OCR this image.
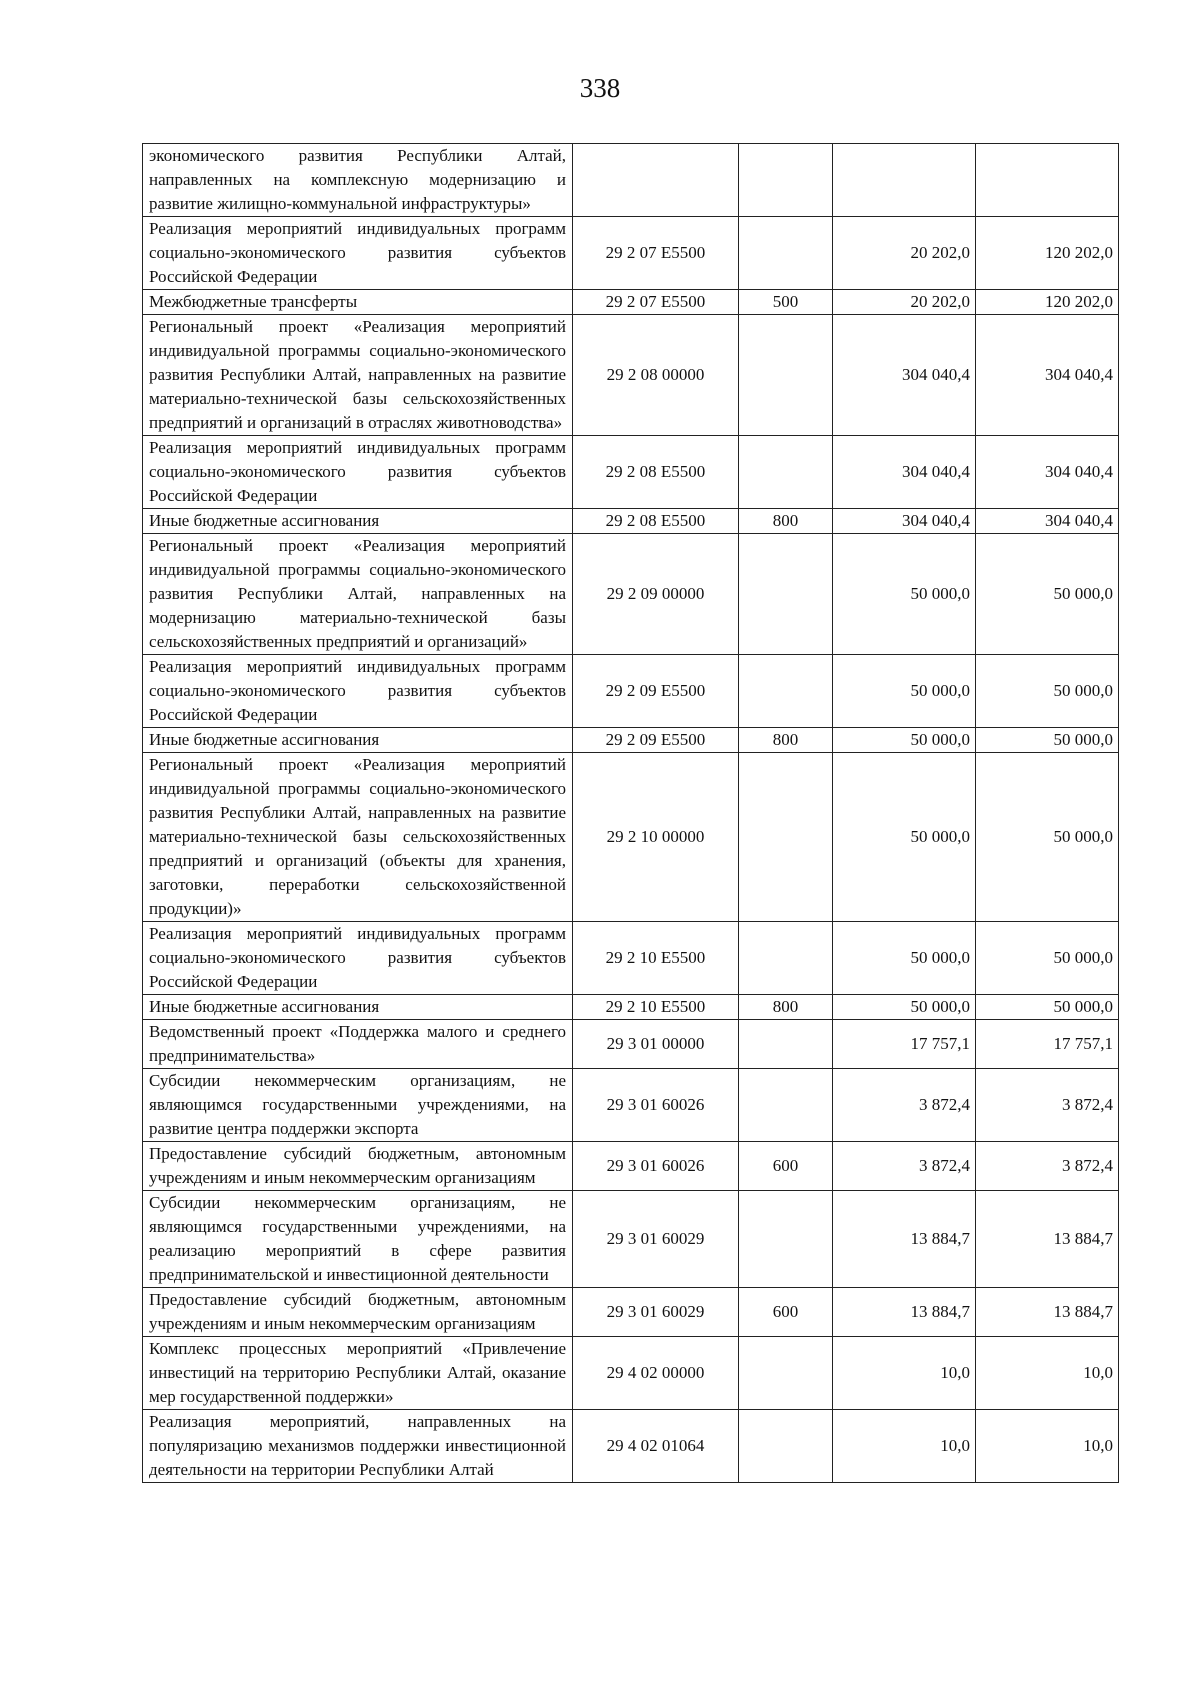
338
экономического развития Республики Алтай, направленных на комплексную модернизацию и развитие жилищно-коммунальной инфраструктуры»				
Реализация мероприятий индивидуальных программ социально-экономического развития субъектов Российской Федерации	29 2 07 E5500		20 202,0	120 202,0
Межбюджетные трансферты	29 2 07 E5500	500	20 202,0	120 202,0
Региональный проект «Реализация мероприятий индивидуальной программы социально-экономического развития Республики Алтай, направленных на развитие материально-технической базы сельскохозяйственных предприятий и организаций в отраслях животноводства»	29 2 08 00000		304 040,4	304 040,4
Реализация мероприятий индивидуальных программ социально-экономического развития субъектов Российской Федерации	29 2 08 E5500		304 040,4	304 040,4
Иные бюджетные ассигнования	29 2 08 E5500	800	304 040,4	304 040,4
Региональный проект «Реализация мероприятий индивидуальной программы социально-экономического развития Республики Алтай, направленных на модернизацию материально-технической базы сельскохозяйственных предприятий и организаций»	29 2 09 00000		50 000,0	50 000,0
Реализация мероприятий индивидуальных программ социально-экономического развития субъектов Российской Федерации	29 2 09 E5500		50 000,0	50 000,0
Иные бюджетные ассигнования	29 2 09 E5500	800	50 000,0	50 000,0
Региональный проект «Реализация мероприятий индивидуальной программы социально-экономического развития Республики Алтай, направленных на развитие материально-технической базы сельскохозяйственных предприятий и организаций (объекты для хранения, заготовки, переработки сельскохозяйственной продукции)»	29 2 10 00000		50 000,0	50 000,0
Реализация мероприятий индивидуальных программ социально-экономического развития субъектов Российской Федерации	29 2 10 E5500		50 000,0	50 000,0
Иные бюджетные ассигнования	29 2 10 E5500	800	50 000,0	50 000,0
Ведомственный проект «Поддержка малого и среднего предпринимательства»	29 3 01 00000		17 757,1	17 757,1
Субсидии некоммерческим организациям, не являющимся государственными учреждениями, на развитие центра поддержки экспорта	29 3 01 60026		3 872,4	3 872,4
Предоставление субсидий бюджетным, автономным учреждениям и иным некоммерческим организациям	29 3 01 60026	600	3 872,4	3 872,4
Субсидии некоммерческим организациям, не являющимся государственными учреждениями, на реализацию мероприятий в сфере развития предпринимательской и инвестиционной деятельности	29 3 01 60029		13 884,7	13 884,7
Предоставление субсидий бюджетным, автономным учреждениям и иным некоммерческим организациям	29 3 01 60029	600	13 884,7	13 884,7
Комплекс процессных мероприятий «Привлечение инвестиций на территорию Республики Алтай, оказание мер государственной поддержки»	29 4 02 00000		10,0	10,0
Реализация мероприятий, направленных на популяризацию механизмов поддержки инвестиционной деятельности на территории Республики Алтай	29 4 02 01064		10,0	10,0
